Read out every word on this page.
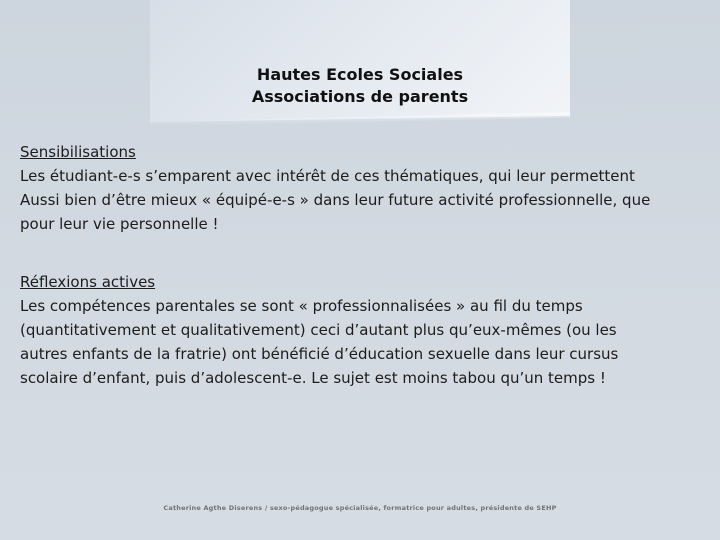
Hautes Ecoles Sociales
Associations de parents
Sensibilisations
Les étudiant-e-s s’emparent avec intérêt de ces thématiques, qui leur permettent
Aussi bien d’être mieux « équipé-e-s » dans leur future activité professionnelle, que
pour leur vie personnelle !
Réflexions actives
Les compétences parentales se sont « professionnalisées » au fil du temps
(quantitativement et qualitativement) ceci d’autant plus qu’eux-mêmes (ou les
autres enfants de la fratrie) ont bénéficié d’éducation sexuelle dans leur cursus
scolaire d’enfant, puis d’adolescent-e. Le sujet est moins tabou qu’un temps !
Catherine Agthe Diserens / sexo-pédagogue spécialisée, formatrice pour adultes, présidente de SEHP
